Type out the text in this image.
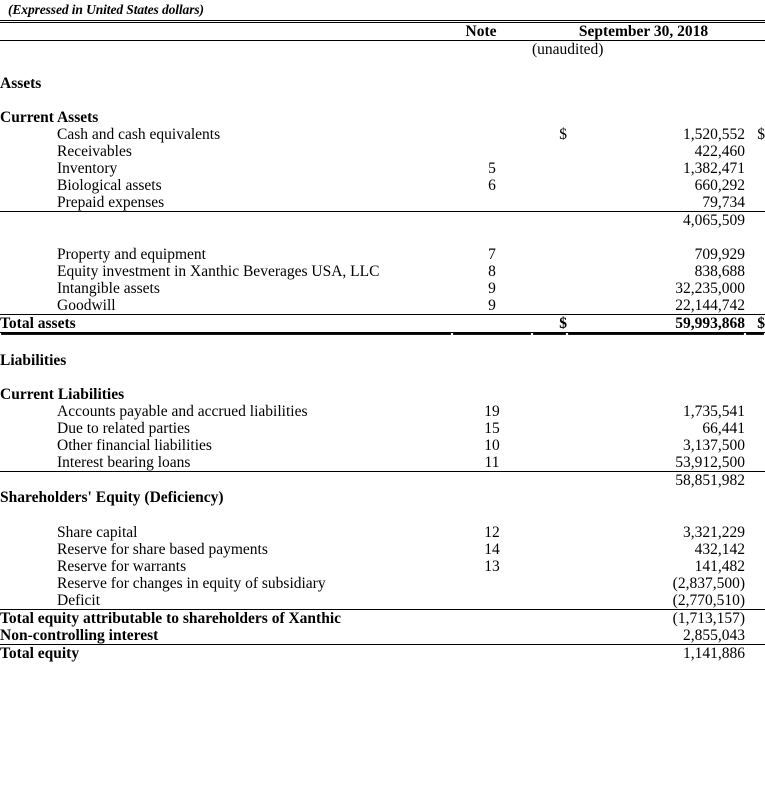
(Expressed in United States dollars)
	Note	September 30, 2018		
		(unaudited)		

Assets				

Current Assets				
Cash and cash equivalents		$	1,520,552	$
Receivables			422,460	
Inventory	5		1,382,471	
Biological assets	6		660,292	
Prepaid expenses			79,734	
			4,065,509	

Property and equipment	7		709,929	
Equity investment in Xanthic Beverages USA, LLC	8		838,688	
Intangible assets	9		32,235,000	
Goodwill	9		22,144,742	
Total assets		$	59,993,868	$

Liabilities				

Current Liabilities				
Accounts payable and accrued liabilities	19		1,735,541	
Due to related parties	15		66,441	
Other financial liabilities	10		3,137,500	
Interest bearing loans	11		53,912,500	
			58,851,982	
Shareholders' Equity (Deficiency)				

Share capital	12		3,321,229	
Reserve for share based payments	14		432,142	
Reserve for warrants	13		141,482	
Reserve for changes in equity of subsidiary			(2,837,500)	
Deficit			(2,770,510)	
Total equity attributable to shareholders of Xanthic			(1,713,157)	
Non-controlling interest			2,855,043	
Total equity			1,141,886	
